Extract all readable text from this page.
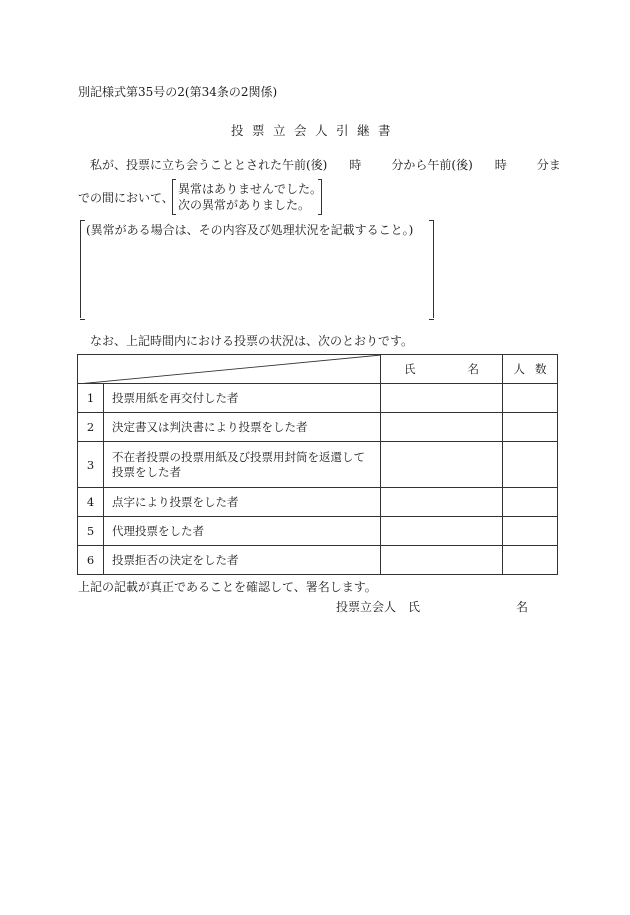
別記様式第35号の2(第34条の2関係)
投票立会人引継書
私が、投票に立ち会うこととされた午前(後) 時	分から午前(後) 時	分ま
での間において、
異常はありませんでした。
次の異常がありました。
(異常がある場合は、その内容及び処理状況を記載すること。)
なお、上記時間内における投票の状況は、次のとおりです。
	氏 名	人 数
1	投票用紙を再交付した者		
2	決定書又は判決書により投票をした者		
3	不在者投票の投票用紙及び投票用封筒を返還して投票をした者		
4	点字により投票をした者		
5	代理投票をした者		
6	投票拒否の決定をした者		
上記の記載が真正であることを確認して、署名します。
投票立会人　氏	名
